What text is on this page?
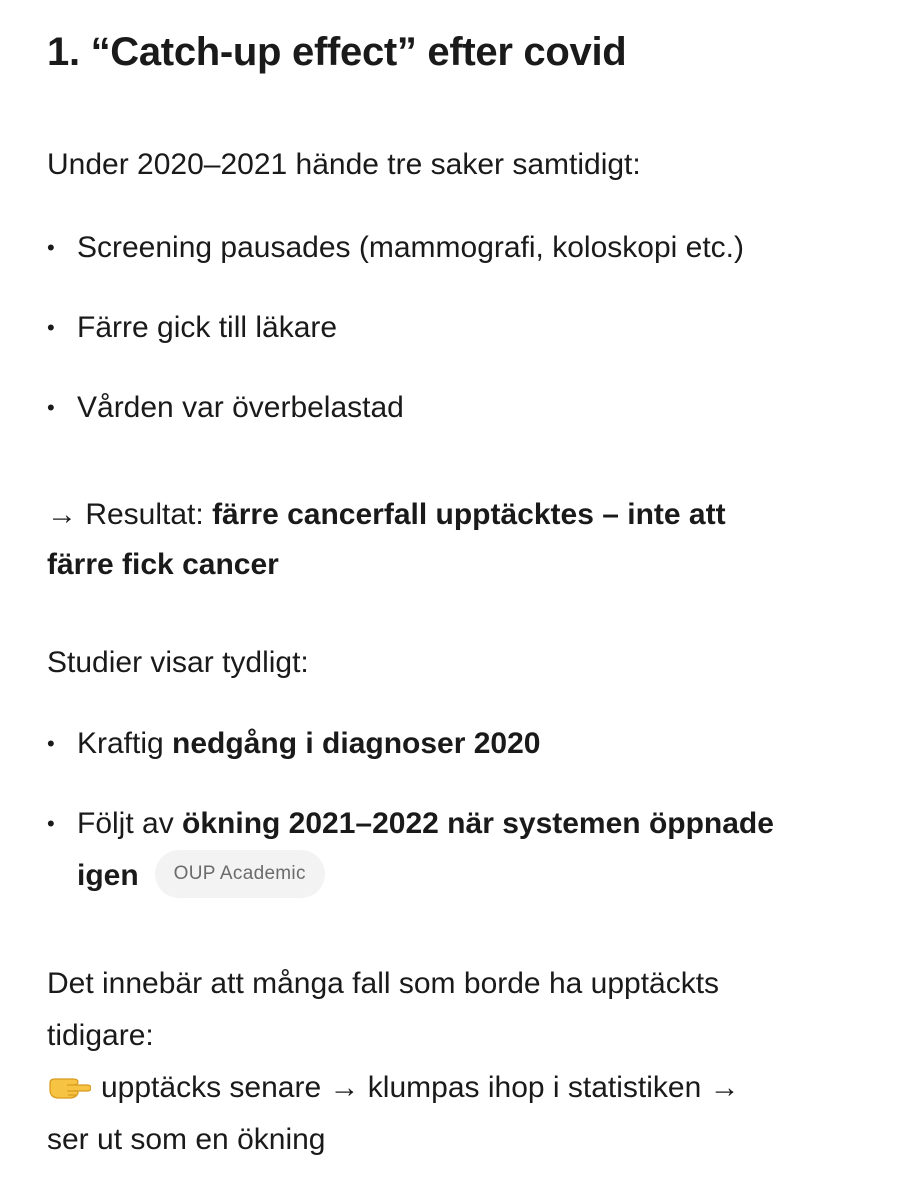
1. “Catch-up effect” efter covid
Under 2020–2021 hände tre saker samtidigt:
• Screening pausades (mammografi, koloskopi etc.)
• Färre gick till läkare
• Vården var överbelastad
→ Resultat: färre cancerfall upptäcktes – inte att
färre fick cancer
Studier visar tydligt:
• Kraftig nedgång i diagnoser 2020
• Följt av ökning 2021–2022 när systemen öppnade
igen OUP Academic
Det innebär att många fall som borde ha upptäckts
tidigare:
upptäcks senare → klumpas ihop i statistiken →
ser ut som en ökning
